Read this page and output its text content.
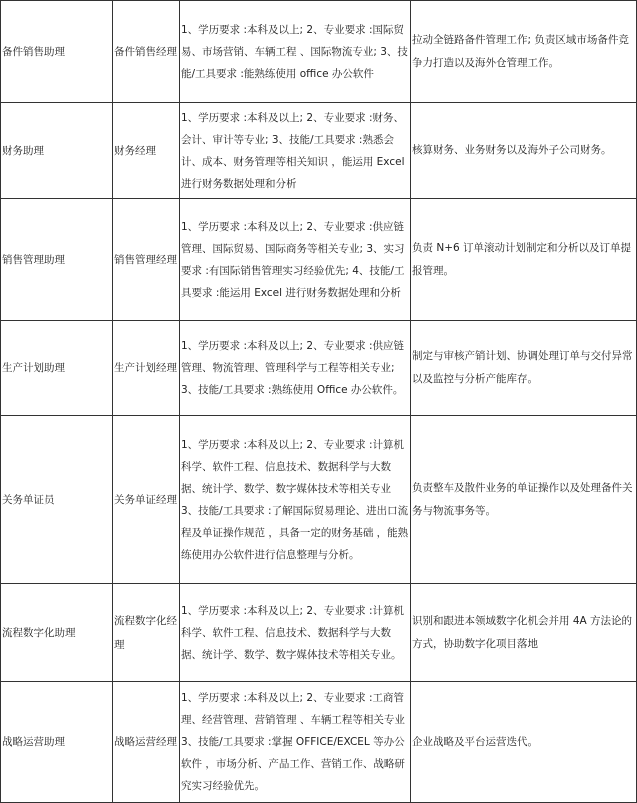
备件销售助理	备件销售经理	1、学历要求 :本科及以上; 2、专业要求 :国际贸易、市场营销、车辆工程 、国际物流专业; 3、技能/工具要求 :能熟练使用 office 办公软件	拉动全链路备件管理工作; 负责区域市场备件竞争力打造以及海外仓管理工作。
财务助理	财务经理	1、学历要求 :本科及以上; 2、专业要求 :财务、会计、审计等专业; 3、技能/工具要求 :熟悉会计、成本、财务管理等相关知识 ，能运用 Excel 进行财务数据处理和分析	核算财务、业务财务以及海外子公司财务。
销售管理助理	销售管理经理	1、学历要求 :本科及以上; 2、专业要求 :供应链管理、国际贸易、国际商务等相关专业; 3、实习要求 :有国际销售管理实习经验优先; 4、技能/工具要求 :能运用 Excel 进行财务数据处理和分析	负责 N+6 订单滚动计划制定和分析以及订单提报管理。
生产计划助理	生产计划经理	1、学历要求 :本科及以上; 2、专业要求 :供应链管理、物流管理、管理科学与工程等相关专业; 3、技能/工具要求 :熟练使用 Office 办公软件。	制定与审核产销计划、协调处理订单与交付异常以及监控与分析产能库存。
关务单证员	关务单证经理	1、学历要求 :本科及以上; 2、专业要求 :计算机科学、软件工程、信息技术、数据科学与大数据、统计学、数学、数字媒体技术等相关专业 3、技能/工具要求 :了解国际贸易理论、进出口流程及单证操作规范 ，具备一定的财务基础 ，能熟练使用办公软件进行信息整理与分析。	负责整车及散件业务的单证操作以及处理备件关务与物流事务等。
流程数字化助理	流程数字化经理	1、学历要求 :本科及以上; 2、专业要求 :计算机科学、软件工程、信息技术、数据科学与大数据、统计学、数学、数字媒体技术等相关专业。	识别和跟进本领域数字化机会并用 4A 方法论的方式，协助数字化项目落地
战略运营助理	战略运营经理	1、学历要求 :本科及以上; 2、专业要求 :工商管理、经营管理、营销管理 、车辆工程等相关专业 3、技能/工具要求 :掌握 OFFICE/EXCEL 等办公软件 ，市场分析、产品工作、营销工作、战略研究实习经验优先。	企业战略及平台运营迭代。
